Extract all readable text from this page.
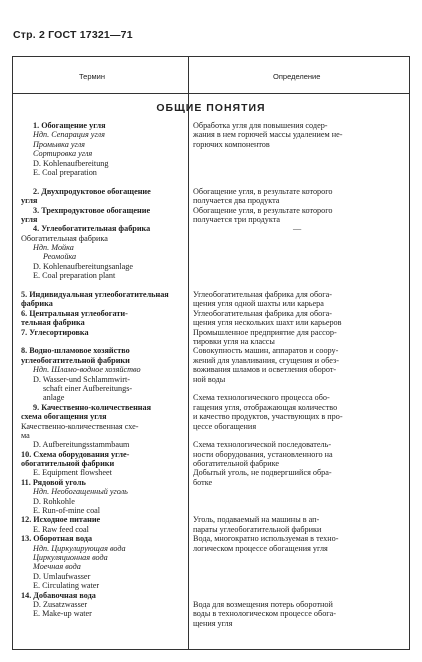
Стр. 2 ГОСТ 17321—71
Термин	Определение
ОБЩИЕ ПОНЯТИЯ
1. Обогащение угля
Ндп. Сепарация угля
Промывка угля
Сортировка угля
D. Kohlenaufbereitung
E. Coal preparation
2. Двухпродуктовое обогащение
угля
3. Трехпродуктовое обогащение
угля
4. Углеобогатительная фабрика
Обогатительная фабрика
Ндп. Мойка
Реомойка
D. Kohlenaufbereitungsanlage
E. Coal preparation plant
5. Индивидуальная углеобогатительная фабрика
6. Центральная углеобогати-
тельная фабрика
7. Углесортировка
8. Водно-шламовое хозяйство
углеобогатительной фабрики
Ндп. Шламо-водное хозяйство
D. Wasser-und Schlammwirt-
schaft einer Aufbereitungs-
anlage
9. Качественно-количественная
схема обогащения угля
Качественно-количественная схе-
ма
D. Aufbereitungsstammbaum
10. Схема оборудования угле-
обогатительной фабрики
E. Equipment flowsheet
11. Рядовой уголь
Ндп. Необогащенный уголь
D. Rohkohle
E. Run-of-mine coal
12. Исходное питание
E. Raw feed coal
13. Оборотная вода
Ндп. Циркулирующая вода
Циркуляционная вода
Моечная вода
D. Umlaufwasser
E. Circulating water
14. Добавочная вода
D. Zusatzwasser
E. Make-up water
Обработка угля для повышения содер-
жания в нем горючей массы удалением не-
горючих компонентов
Обогащение угля, в результате которого
получается два продукта
Обогащение угля, в результате которого
получается три продукта
—
Углеобогатительная фабрика для обога-
щения угля одной шахты или карьера
Углеобогатительная фабрика для обога-
щения угля нескольких шахт или карьеров
Промышленное предприятие для рассор-
тировки угля на классы
Совокупность машин, аппаратов и соору-
жений для улавливания, сгущения и обез-
воживания шламов и осветления оборот-
ной воды
Схема технологического процесса обо-
гащения угля, отображающая количество
и качество продуктов, участвующих в про-
цессе обогащения
Схема технологической последователь-
ности оборудования, установленного на
обогатительной фабрике
Добытый уголь, не подвергшийся обра-
ботке
Уголь, подаваемый на машины в ап-
параты углеобогатительной фабрики
Вода, многократно используемая в техно-
логическом процессе обогащения угля
Вода для возмещения потерь оборотной
воды в технологическом процессе обога-
щения угля
